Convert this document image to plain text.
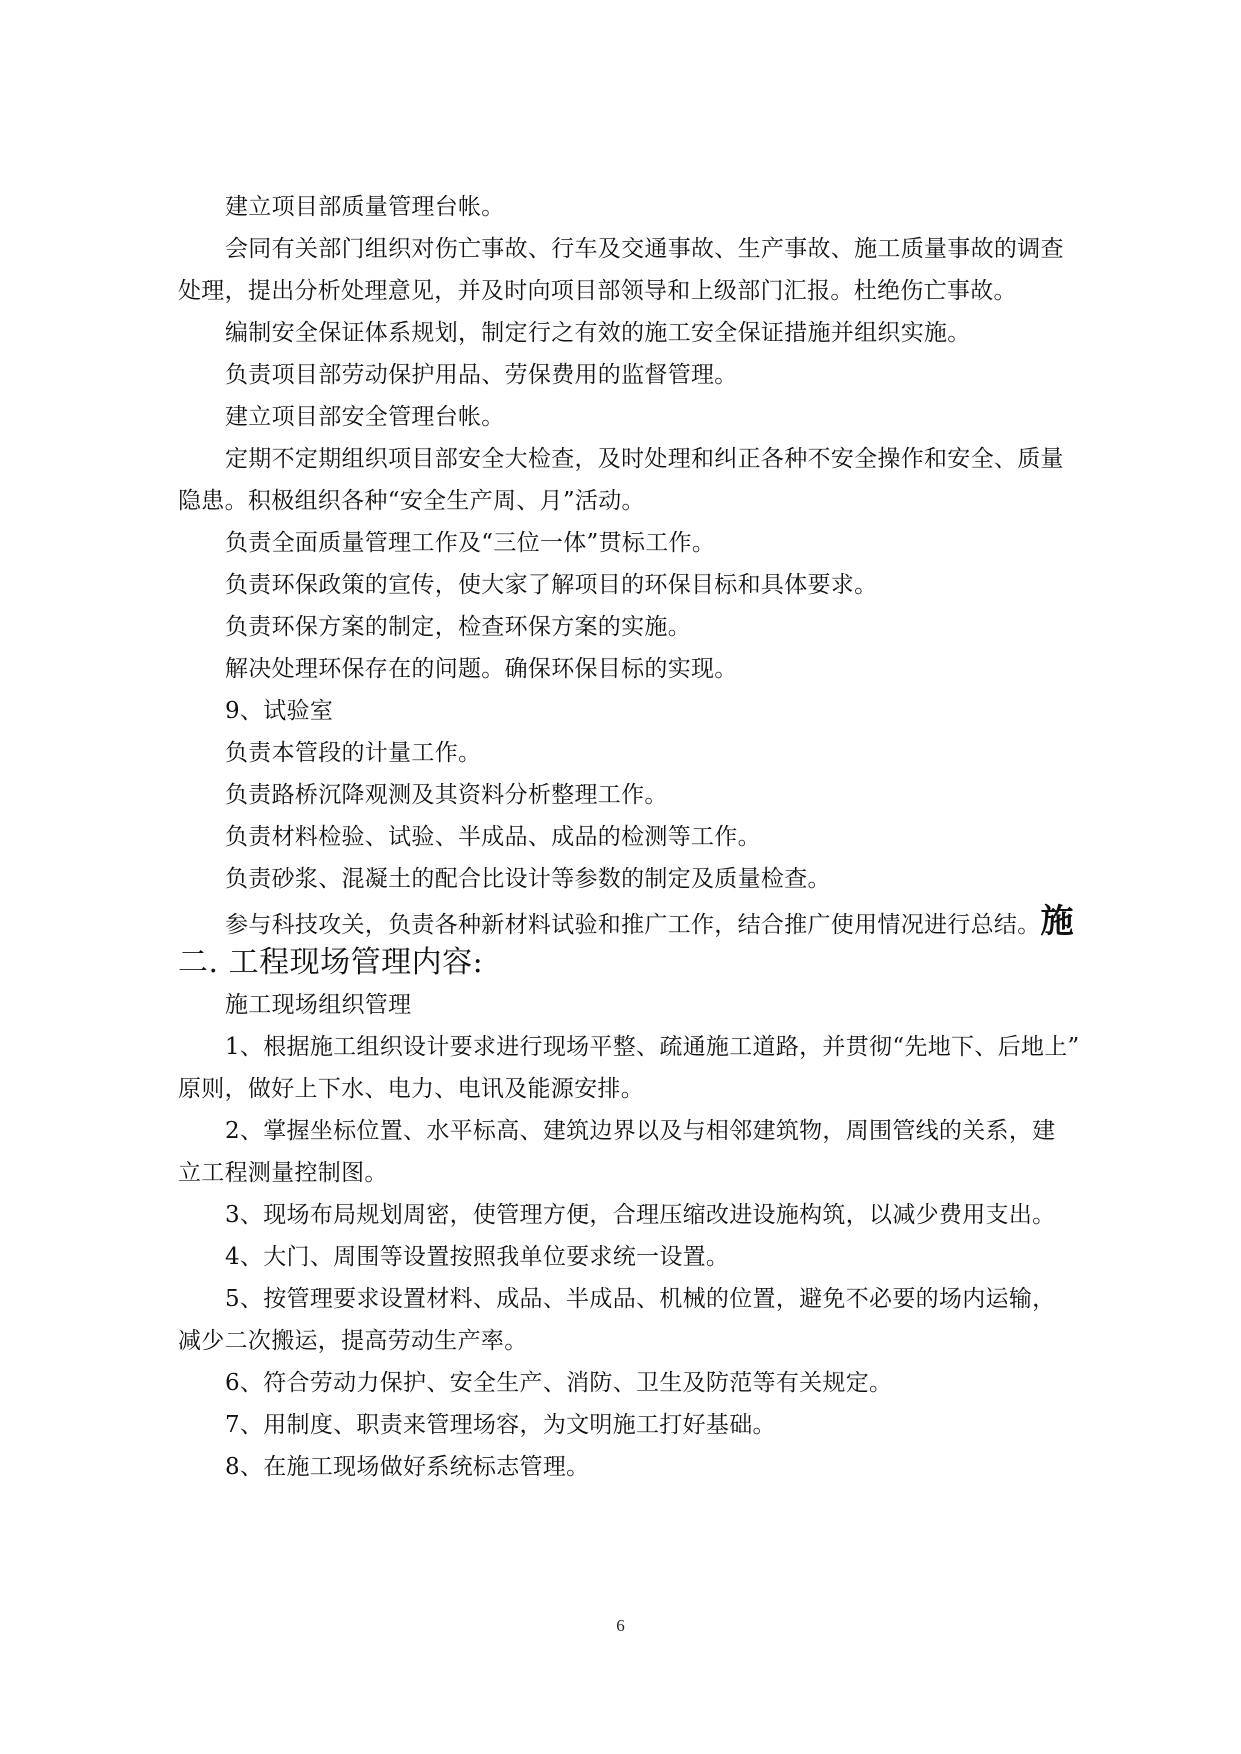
建立项目部质量管理台帐。
会同有关部门组织对伤亡事故、行车及交通事故、生产事故、施工质量事故的调查
处理，提出分析处理意见，并及时向项目部领导和上级部门汇报。杜绝伤亡事故。
编制安全保证体系规划，制定行之有效的施工安全保证措施并组织实施。
负责项目部劳动保护用品、劳保费用的监督管理。
建立项目部安全管理台帐。
定期不定期组织项目部安全大检查，及时处理和纠正各种不安全操作和安全、质量
隐患。积极组织各种“安全生产周、月”活动。
负责全面质量管理工作及“三位一体”贯标工作。
负责环保政策的宣传，使大家了解项目的环保目标和具体要求。
负责环保方案的制定，检查环保方案的实施。
解决处理环保存在的问题。确保环保目标的实现。
9、试验室
负责本管段的计量工作。
负责路桥沉降观测及其资料分析整理工作。
负责材料检验、试验、半成品、成品的检测等工作。
负责砂浆、混凝土的配合比设计等参数的制定及质量检查。
参与科技攻关，负责各种新材料试验和推广工作，结合推广使用情况进行总结。施
二. 工程现场管理内容:
施工现场组织管理
1、根据施工组织设计要求进行现场平整、疏通施工道路，并贯彻“先地下、后地上”
原则，做好上下水、电力、电讯及能源安排。
2、掌握坐标位置、水平标高、建筑边界以及与相邻建筑物，周围管线的关系，建
立工程测量控制图。
3、现场布局规划周密，使管理方便，合理压缩改进设施构筑，以减少费用支出。
4、大门、周围等设置按照我单位要求统一设置。
5、按管理要求设置材料、成品、半成品、机械的位置，避免不必要的场内运输，
减少二次搬运，提高劳动生产率。
6、符合劳动力保护、安全生产、消防、卫生及防范等有关规定。
7、用制度、职责来管理场容，为文明施工打好基础。
8、在施工现场做好系统标志管理。
6
